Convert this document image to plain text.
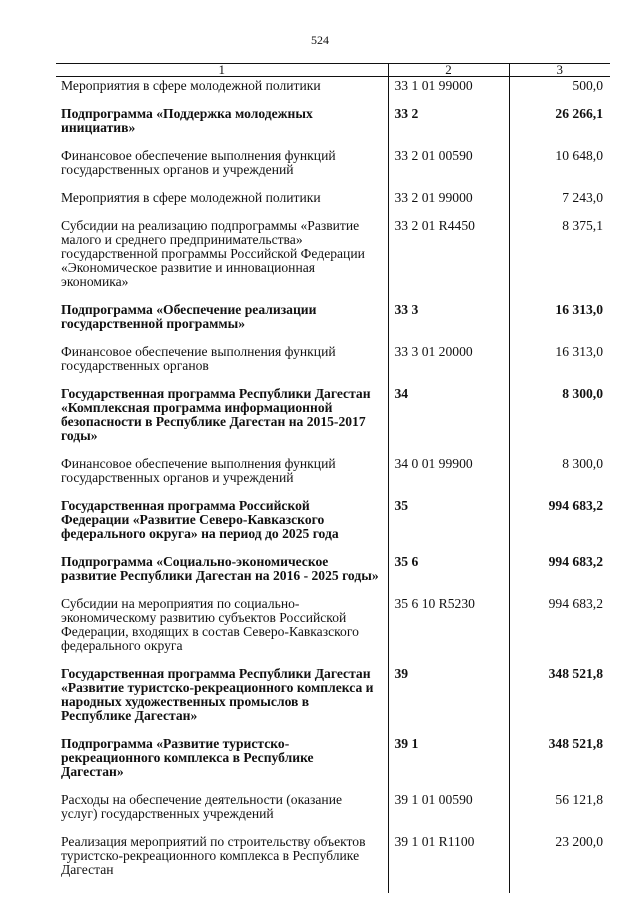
524
1	2	3
Мероприятия в сфере молодежной политики	33 1 01 99000	500,0
Подпрограмма «Поддержка молодежных инициатив»	33 2	26 266,1
Финансовое обеспечение выполнения функций государственных органов и учреждений	33 2 01 00590	10 648,0
Мероприятия в сфере молодежной политики	33 2 01 99000	7 243,0
Субсидии на реализацию подпрограммы «Развитие малого и среднего предпринимательства» государственной программы Российской Федерации «Экономическое развитие и инновационная экономика»	33 2 01 R4450	8 375,1
Подпрограмма «Обеспечение реализации государственной программы»	33 3	16 313,0
Финансовое обеспечение выполнения функций государственных органов	33 3 01 20000	16 313,0
Государственная программа Республики Дагестан «Комплексная программа информационной безопасности в Республике Дагестан на 2015-2017 годы»	34	8 300,0
Финансовое обеспечение выполнения функций государственных органов и учреждений	34 0 01 99900	8 300,0
Государственная программа Российской Федерации «Развитие Северо-Кавказского федерального округа» на период до 2025 года	35	994 683,2
Подпрограмма «Социально-экономическое развитие Республики Дагестан на 2016 - 2025 годы»	35 6	994 683,2
Субсидии на мероприятия по социально-экономическому развитию субъектов Российской Федерации, входящих в состав Северо-Кавказского федерального округа	35 6 10 R5230	994 683,2
Государственная программа Республики Дагестан «Развитие туристско-рекреационного комплекса и народных художественных промыслов в Республике Дагестан»	39	348 521,8
Подпрограмма «Развитие туристско-рекреационного комплекса в Республике Дагестан»	39 1	348 521,8
Расходы на обеспечение деятельности (оказание услуг) государственных учреждений	39 1 01 00590	56 121,8
Реализация мероприятий по строительству объектов туристско-рекреационного комплекса в Республике Дагестан	39 1 01 R1100	23 200,0
